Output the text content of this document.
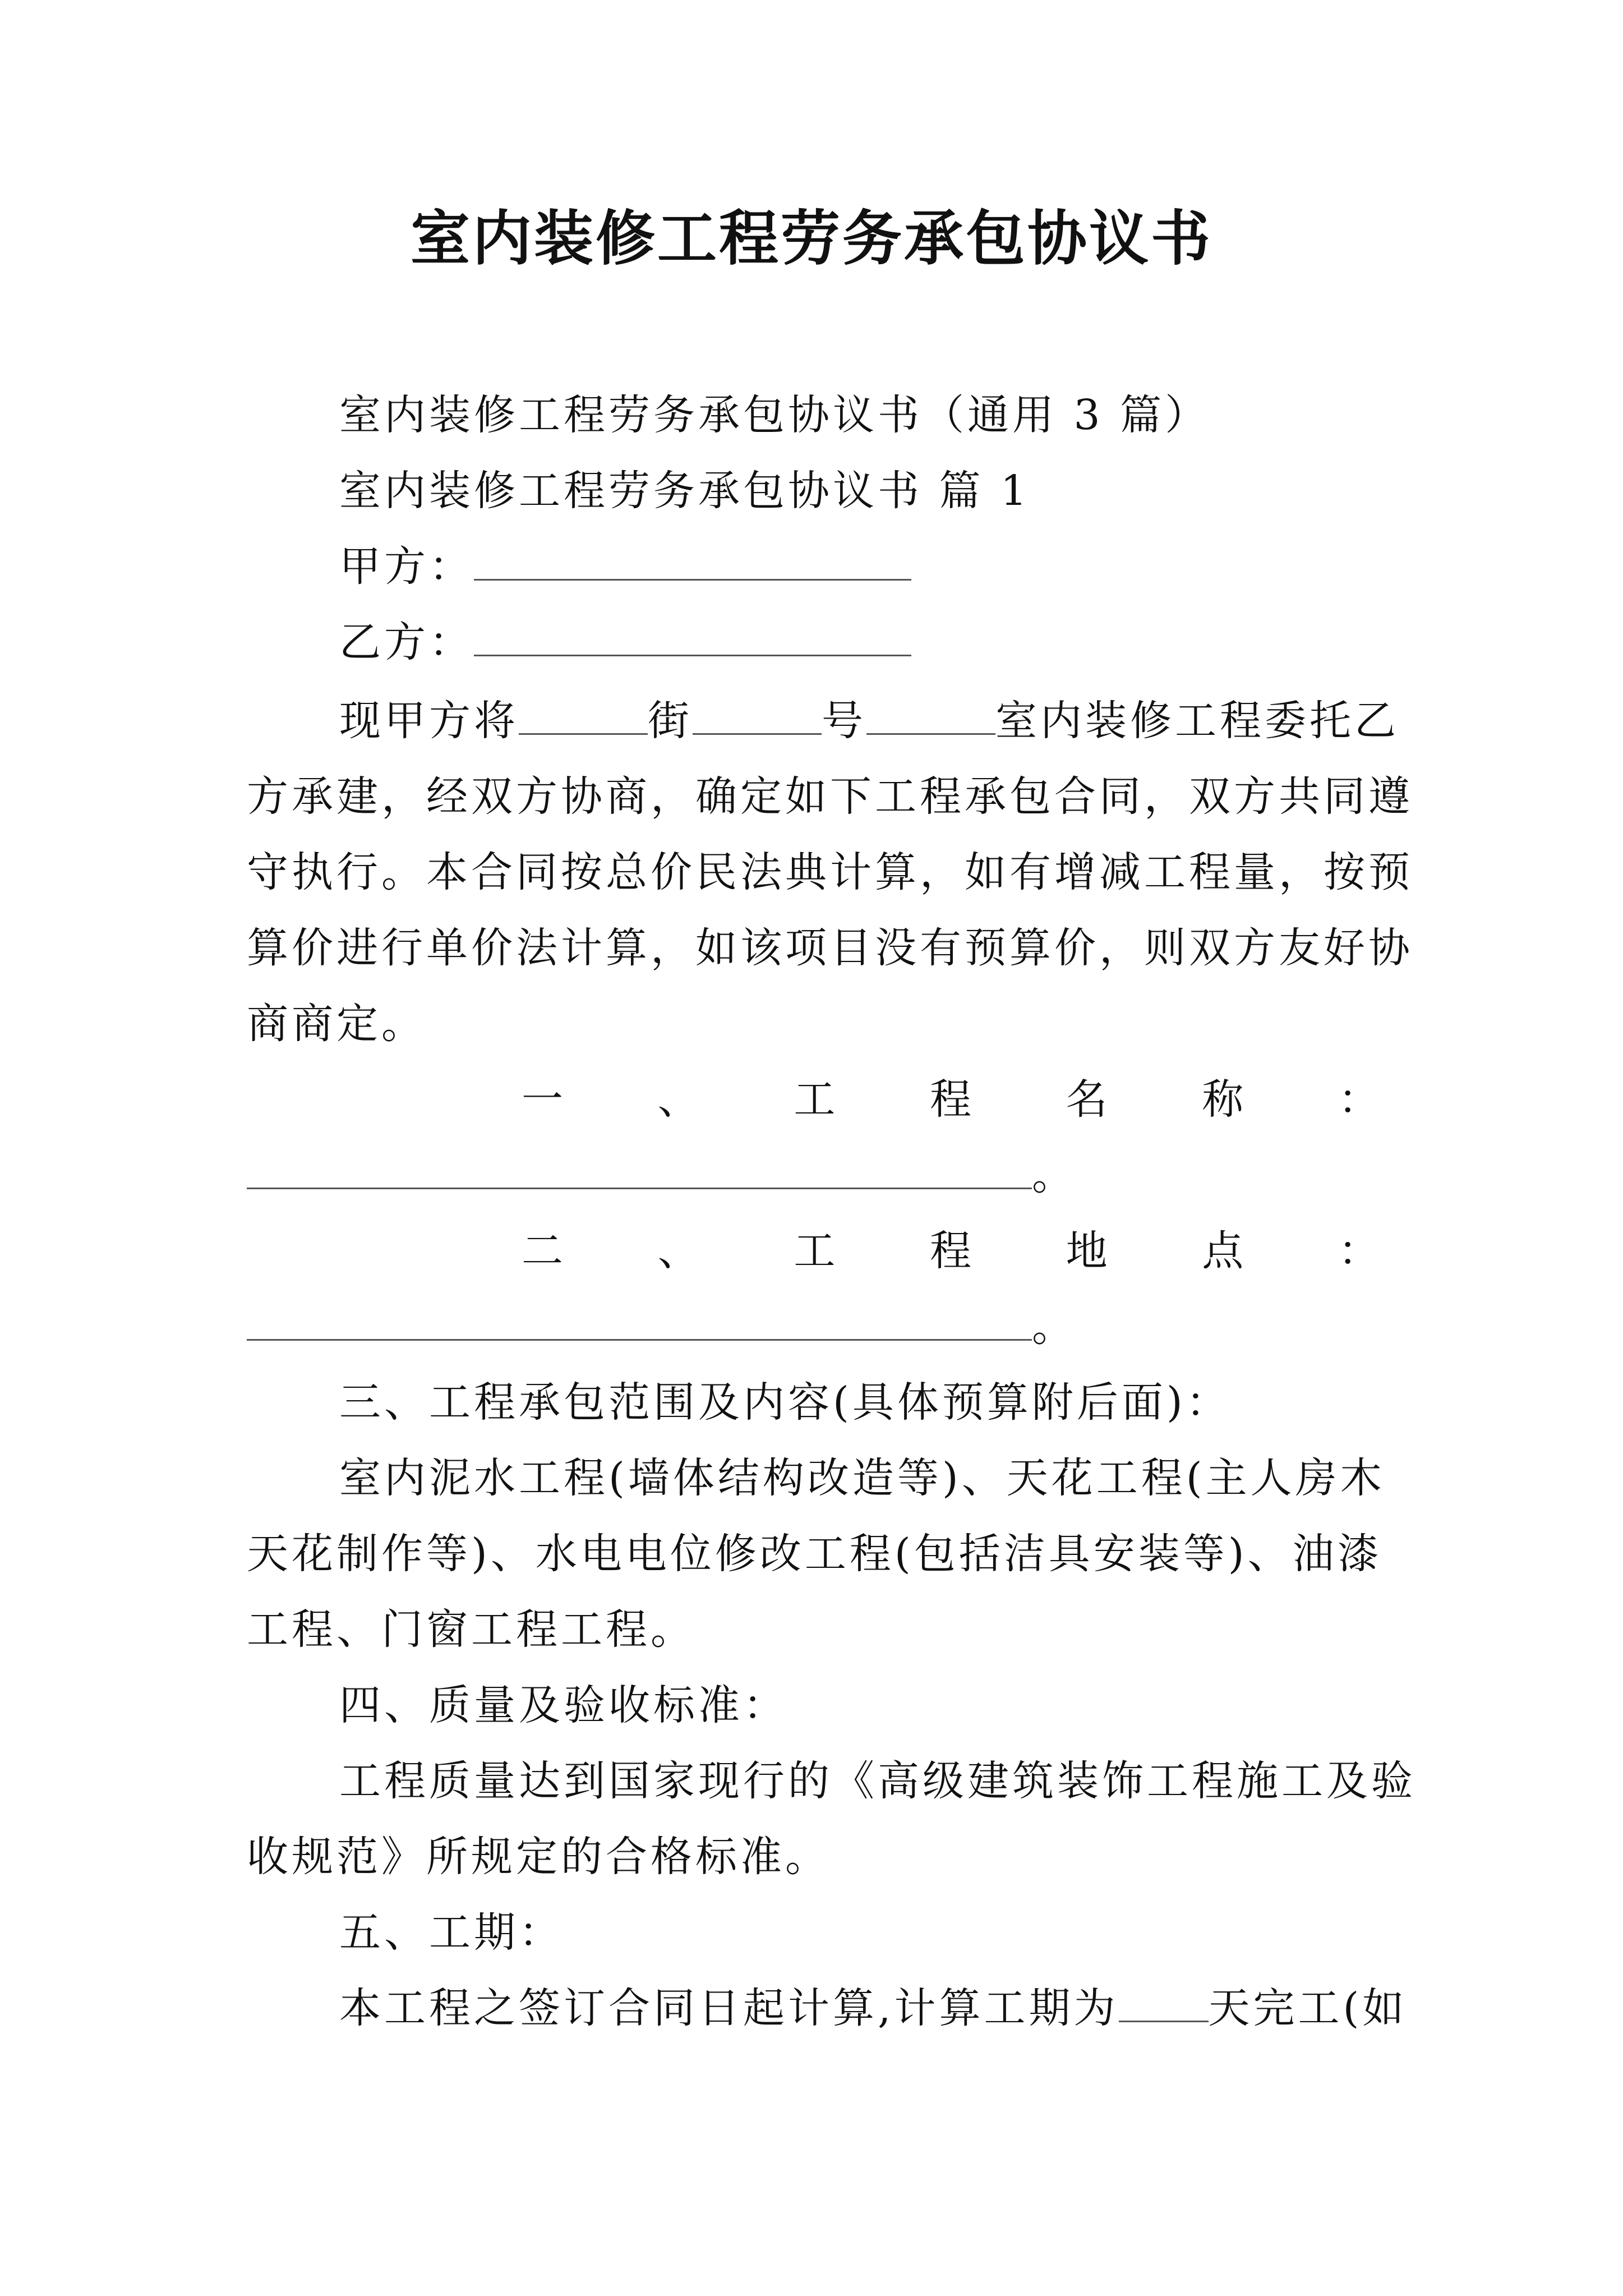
室内装修工程劳务承包协议书
室内装修工程劳务承包协议书（通用 3 篇）
室内装修工程劳务承包协议书 篇 1
甲方：
乙方：
现甲方将	街	号	室内装修工程委托乙
方承建，经双方协商，确定如下工程承包合同，双方共同遵
守执行。本合同按总价民法典计算，如有增减工程量，按预
算价进行单价法计算，如该项目没有预算价，则双方友好协
商商定。
一 、 工 程 名 称 ：
。
二 、 工 程 地 点 ：
。
三、工程承包范围及内容(具体预算附后面)：
室内泥水工程(墙体结构改造等)、天花工程(主人房木
天花制作等)、水电电位修改工程(包括洁具安装等)、油漆
工程、门窗工程工程。
四、质量及验收标准：
工程质量达到国家现行的《高级建筑装饰工程施工及验
收规范》所规定的合格标准。
五、工期：
本工程之签订合同日起计算,计算工期为 天完工(如
